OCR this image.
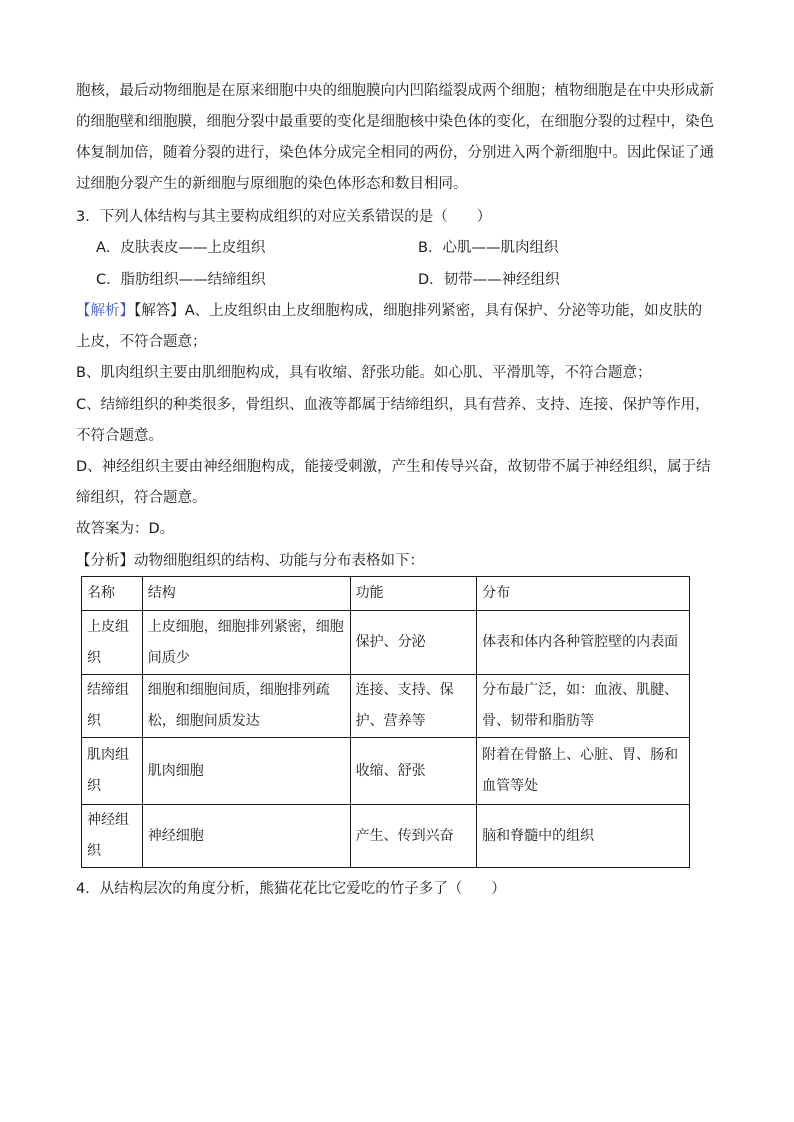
胞核，最后动物细胞是在原来细胞中央的细胞膜向内凹陷缢裂成两个细胞；植物细胞是在中央形成新的细胞壁和细胞膜，细胞分裂中最重要的变化是细胞核中染色体的变化，在细胞分裂的过程中，染色体复制加倍，随着分裂的进行，染色体分成完全相同的两份，分别进入两个新细胞中。因此保证了通过细胞分裂产生的新细胞与原细胞的染色体形态和数目相同。

3．下列人体结构与其主要构成组织的对应关系错误的是（　　）

A．皮肤表皮——上皮组织	B．心肌——肌肉组织
C．脂肪组织——结缔组织	D．韧带——神经组织

【解析】【解答】A、上皮组织由上皮细胞构成，细胞排列紧密，具有保护、分泌等功能，如皮肤的上皮，不符合题意；

B、肌肉组织主要由肌细胞构成，具有收缩、舒张功能。如心肌、平滑肌等，不符合题意；

C、结缔组织的种类很多，骨组织、血液等都属于结缔组织，具有营养、支持、连接、保护等作用，不符合题意。

D、神经组织主要由神经细胞构成，能接受刺激，产生和传导兴奋，故韧带不属于神经组织，属于结缔组织，符合题意。

故答案为：D。

【分析】动物细胞组织的结构、功能与分布表格如下：

名称	结构	功能	分布
上皮组织	上皮细胞，细胞排列紧密，细胞间质少	保护、分泌	体表和体内各种管腔壁的内表面
结缔组织	细胞和细胞间质，细胞排列疏松，细胞间质发达	连接、支持、保护、营养等	分布最广泛，如：血液、肌腱、骨、韧带和脂肪等
肌肉组织	肌肉细胞	收缩、舒张	附着在骨骼上、心脏、胃、肠和血管等处
神经组织	神经细胞	产生、传到兴奋	脑和脊髓中的组织

4．从结构层次的角度分析，熊猫花花比它爱吃的竹子多了（　　）
